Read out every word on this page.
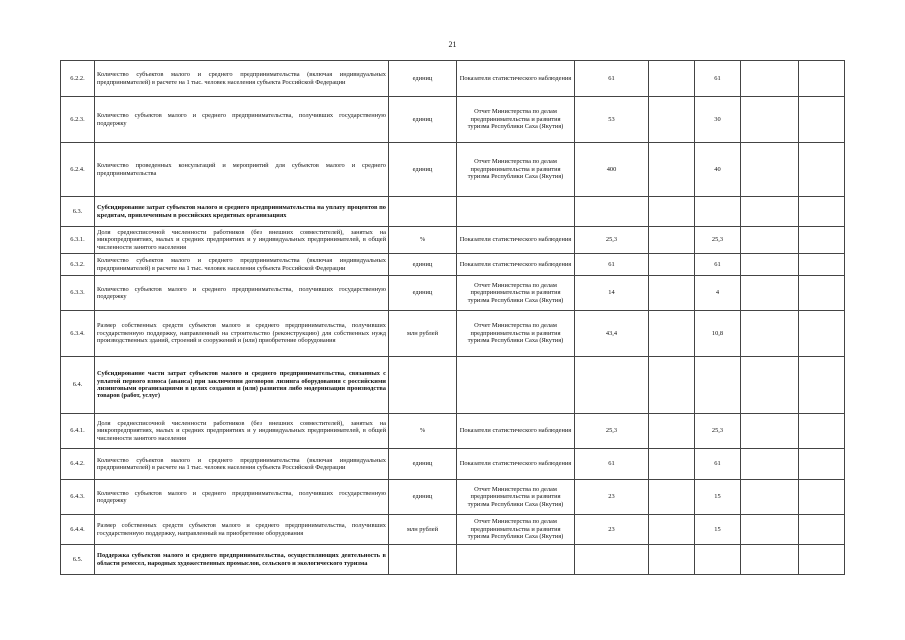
21
6.2.2.	Количество субъектов малого и среднего предпринимательства (включая индивидуальных предпринимателей) в расчете на 1 тыс. человек населения субъекта Российской Федерации	единиц	Показатели статистического наблюдения	61		61		
6.2.3.	Количество субъектов малого и среднего предпринимательства, получивших государственную поддержку	единиц	Отчет Министерства по делам предпринимательства и развития туризма Республики Саха (Якутия)	53		30		
6.2.4.	Количество проведенных консультаций и мероприятий для субъектов малого и среднего предпринимательства	единиц	Отчет Министерства по делам предпринимательства и развития туризма Республики Саха (Якутия)	400		40		
6.3.	Субсидирование затрат субъектов малого и среднего предпринимательства на уплату процентов по кредитам, привлеченным в российских кредитных организациях							
6.3.1.	Доля среднесписочной численности работников (без внешних совместителей), занятых на микропредприятиях, малых и средних предприятиях и у индивидуальных предпринимателей, в общей численности занятого населения	%	Показатели статистического наблюдения	25,3		25,3		
6.3.2.	Количество субъектов малого и среднего предпринимательства (включая индивидуальных предпринимателей) в расчете на 1 тыс. человек населения субъекта Российской Федерации	единиц	Показатели статистического наблюдения	61		61		
6.3.3.	Количество субъектов малого и среднего предпринимательства, получивших государственную поддержку	единиц	Отчет Министерства по делам предпринимательства и развития туризма Республики Саха (Якутия)	14		4		
6.3.4.	Размер собственных средств субъектов малого и среднего предпринимательства, получивших государственную поддержку, направленный на строительство (реконструкцию) для собственных нужд производственных зданий, строений и сооружений и (или) приобретение оборудования	млн рублей	Отчет Министерства по делам предпринимательства и развития туризма Республики Саха (Якутия)	43,4		10,8		
6.4.	Субсидирование части затрат субъектов малого и среднего предпринимательства, связанных с уплатой первого взноса (аванса) при заключении договоров лизинга оборудования с российскими лизинговыми организациями в целях создания и (или) развития либо модернизации производства товаров (работ, услуг)							
6.4.1.	Доля среднесписочной численности работников (без внешних совместителей), занятых на микропредприятиях, малых и средних предприятиях и у индивидуальных предпринимателей, в общей численности занятого населения	%	Показатели статистического наблюдения	25,3		25,3		
6.4.2.	Количество субъектов малого и среднего предпринимательства (включая индивидуальных предпринимателей) в расчете на 1 тыс. человек населения субъекта Российской Федерации	единиц	Показатели статистического наблюдения	61		61		
6.4.3.	Количество субъектов малого и среднего предпринимательства, получивших государственную поддержку	единиц	Отчет Министерства по делам предпринимательства и развития туризма Республики Саха (Якутия)	23		15		
6.4.4.	Размер собственных средств субъектов малого и среднего предпринимательства, получивших государственную поддержку, направленный на приобретение оборудования	млн рублей	Отчет Министерства по делам предпринимательства и развития туризма Республики Саха (Якутия)	23		15		
6.5.	Поддержка субъектов малого и среднего предпринимательства, осуществляющих деятельность в области ремесел, народных художественных промыслов, сельского и экологического туризма							
